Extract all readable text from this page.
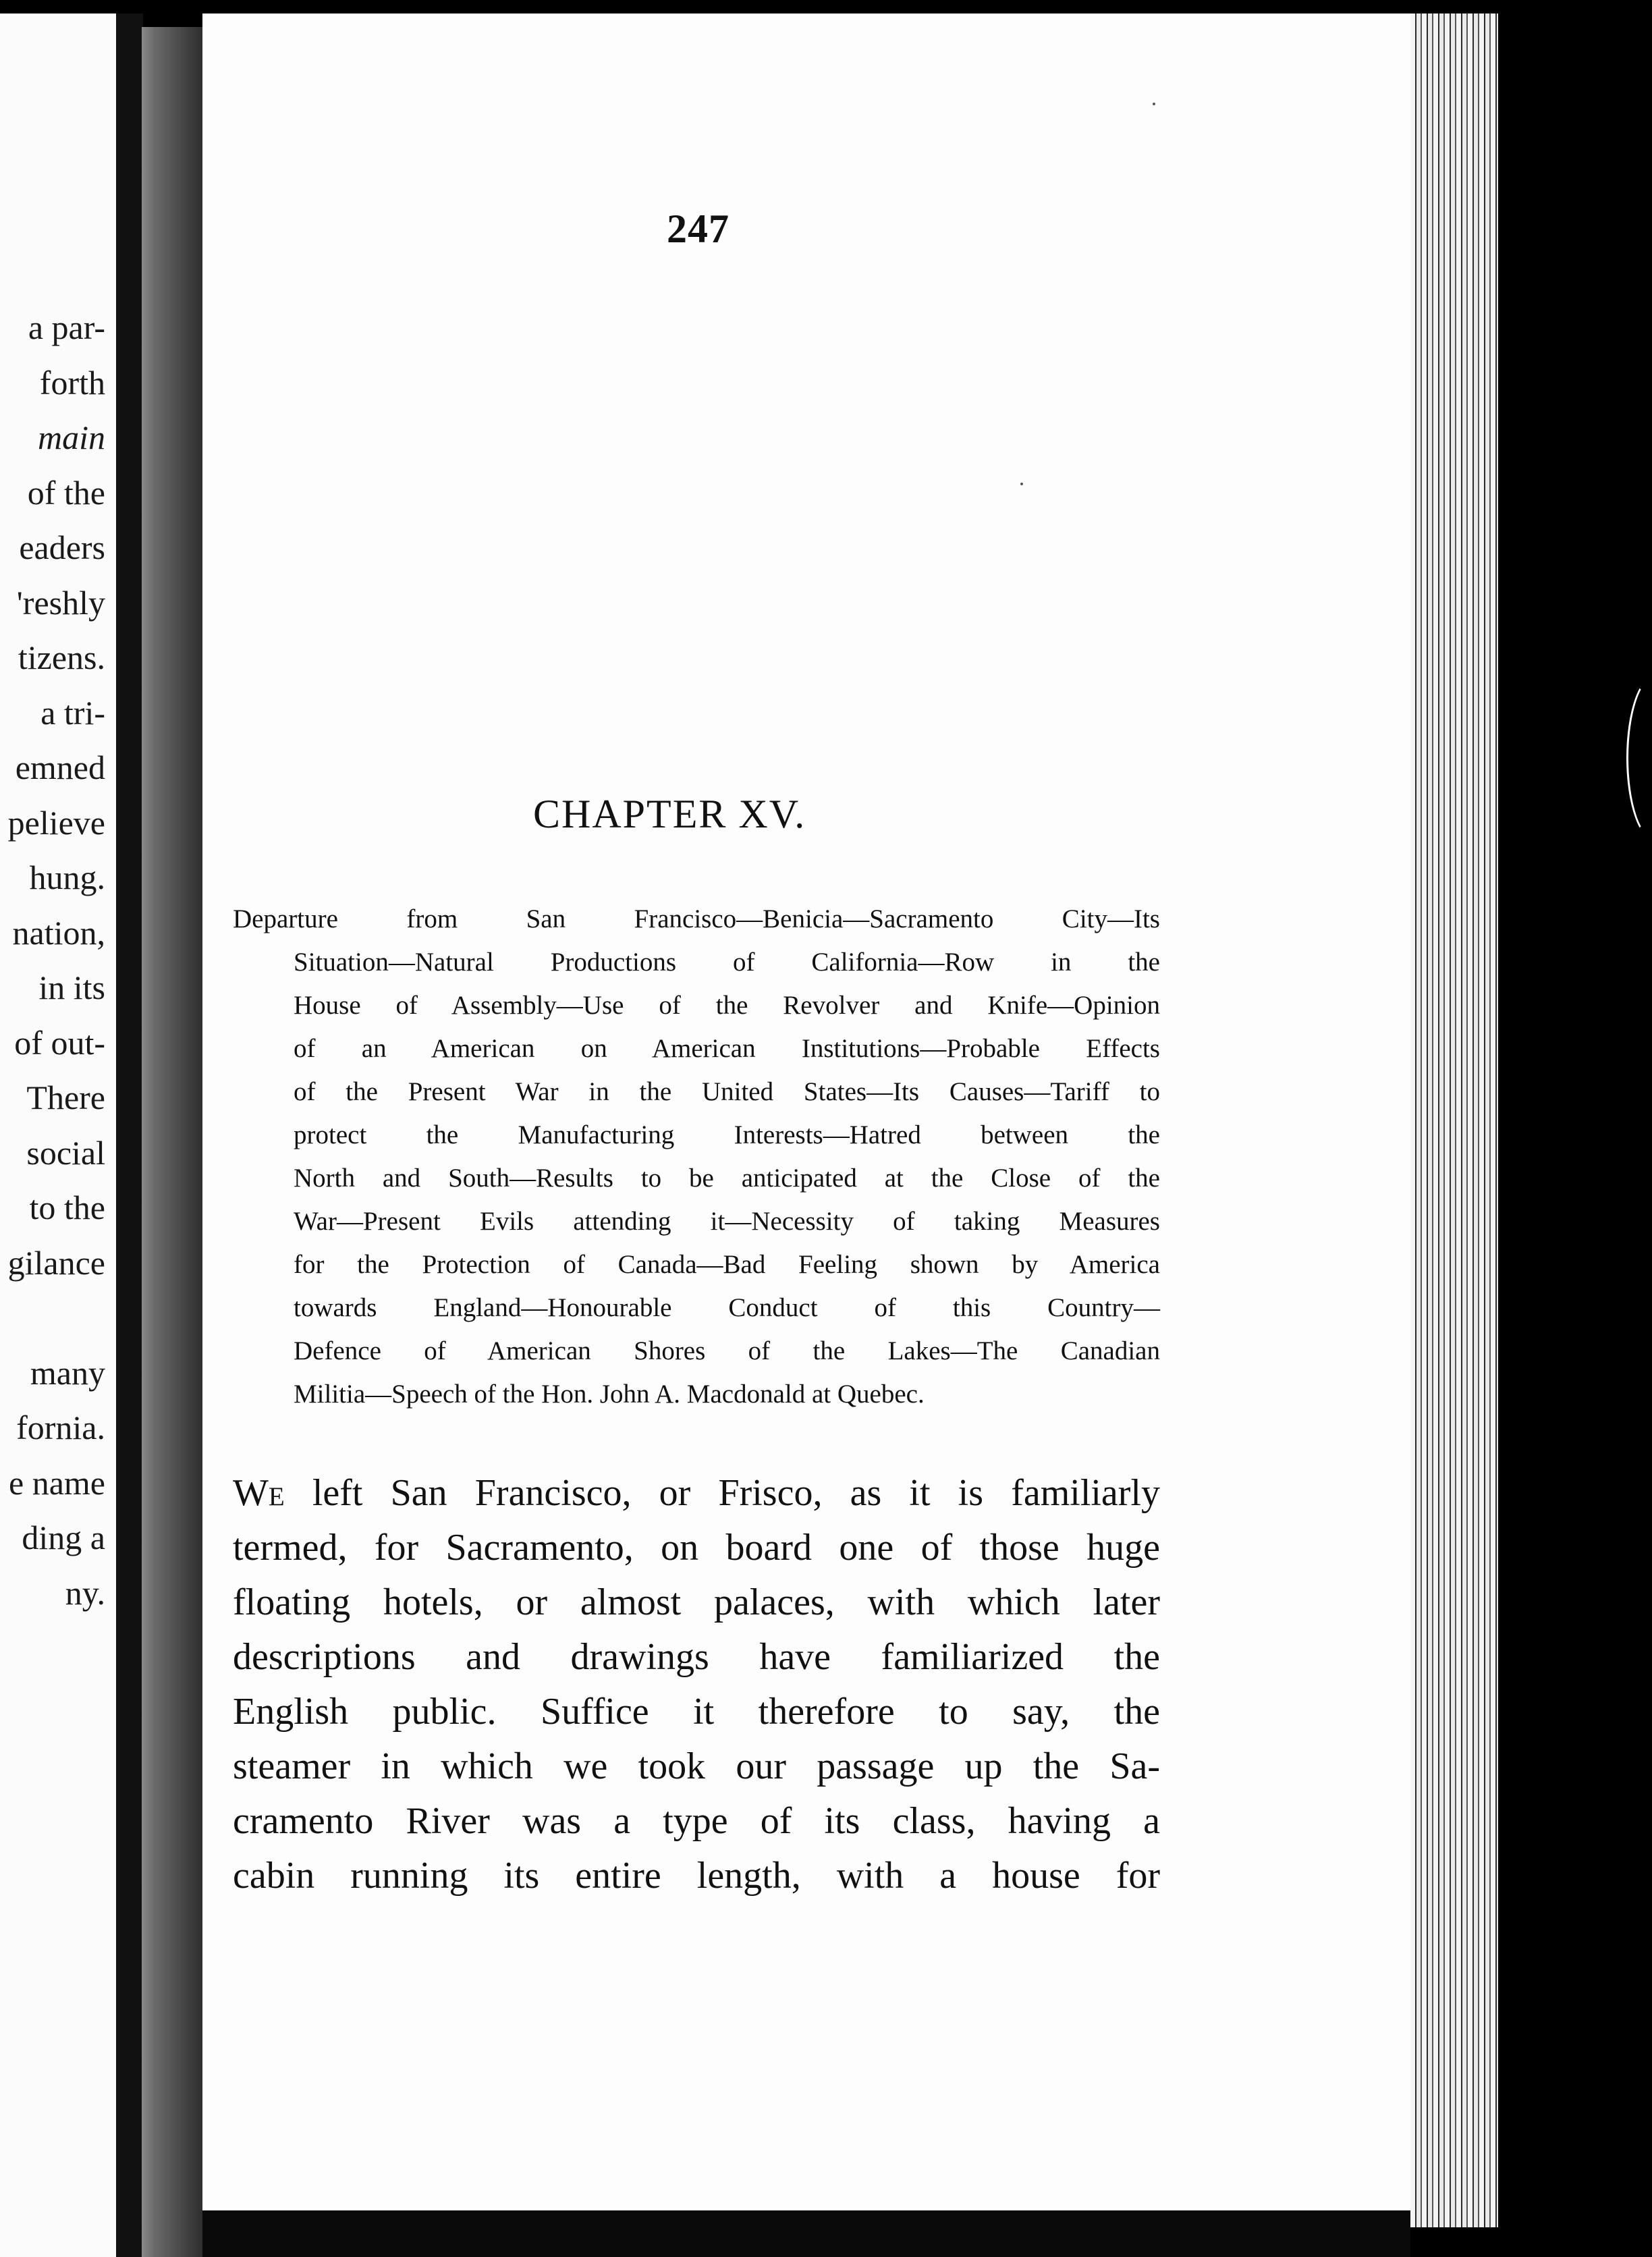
a par-
forth
main
of the
eaders
'reshly
tizens.
a tri-
emned
pelieve
hung.
nation,
in its
of out-
There
social
to the
gilance
many
fornia.
e name
ding a
ny.
247
CHAPTER XV.
Departure from San Francisco—Benicia—Sacramento City—Its
Situation—Natural Productions of California—Row in the
House of Assembly—Use of the Revolver and Knife—Opinion
of an American on American Institutions—Probable Effects
of the Present War in the United States—Its Causes—Tariff to
protect the Manufacturing Interests—Hatred between the
North and South—Results to be anticipated at the Close of the
War—Present Evils attending it—Necessity of taking Measures
for the Protection of Canada—Bad Feeling shown by America
towards England—Honourable Conduct of this Country—
Defence of American Shores of the Lakes—The Canadian
Militia—Speech of the Hon. John A. Macdonald at Quebec.
We left San Francisco, or Frisco, as it is familiarly
termed, for Sacramento, on board one of those huge
floating hotels, or almost palaces, with which later
descriptions and drawings have familiarized the
English public. Suffice it therefore to say, the
steamer in which we took our passage up the Sa-
cramento River was a type of its class, having a
cabin running its entire length, with a house for
